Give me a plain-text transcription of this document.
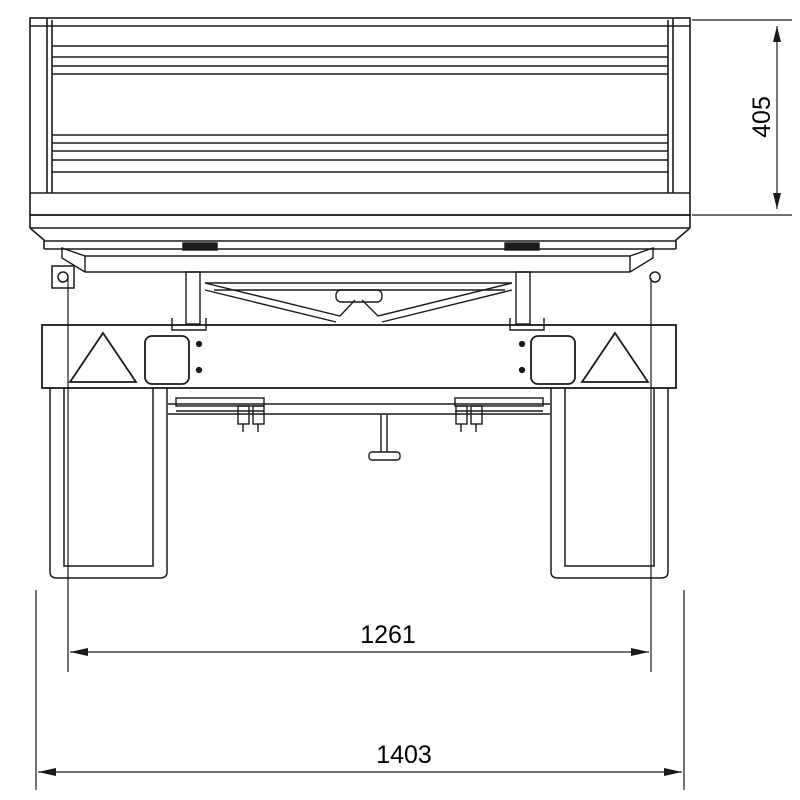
405
1261
1403
